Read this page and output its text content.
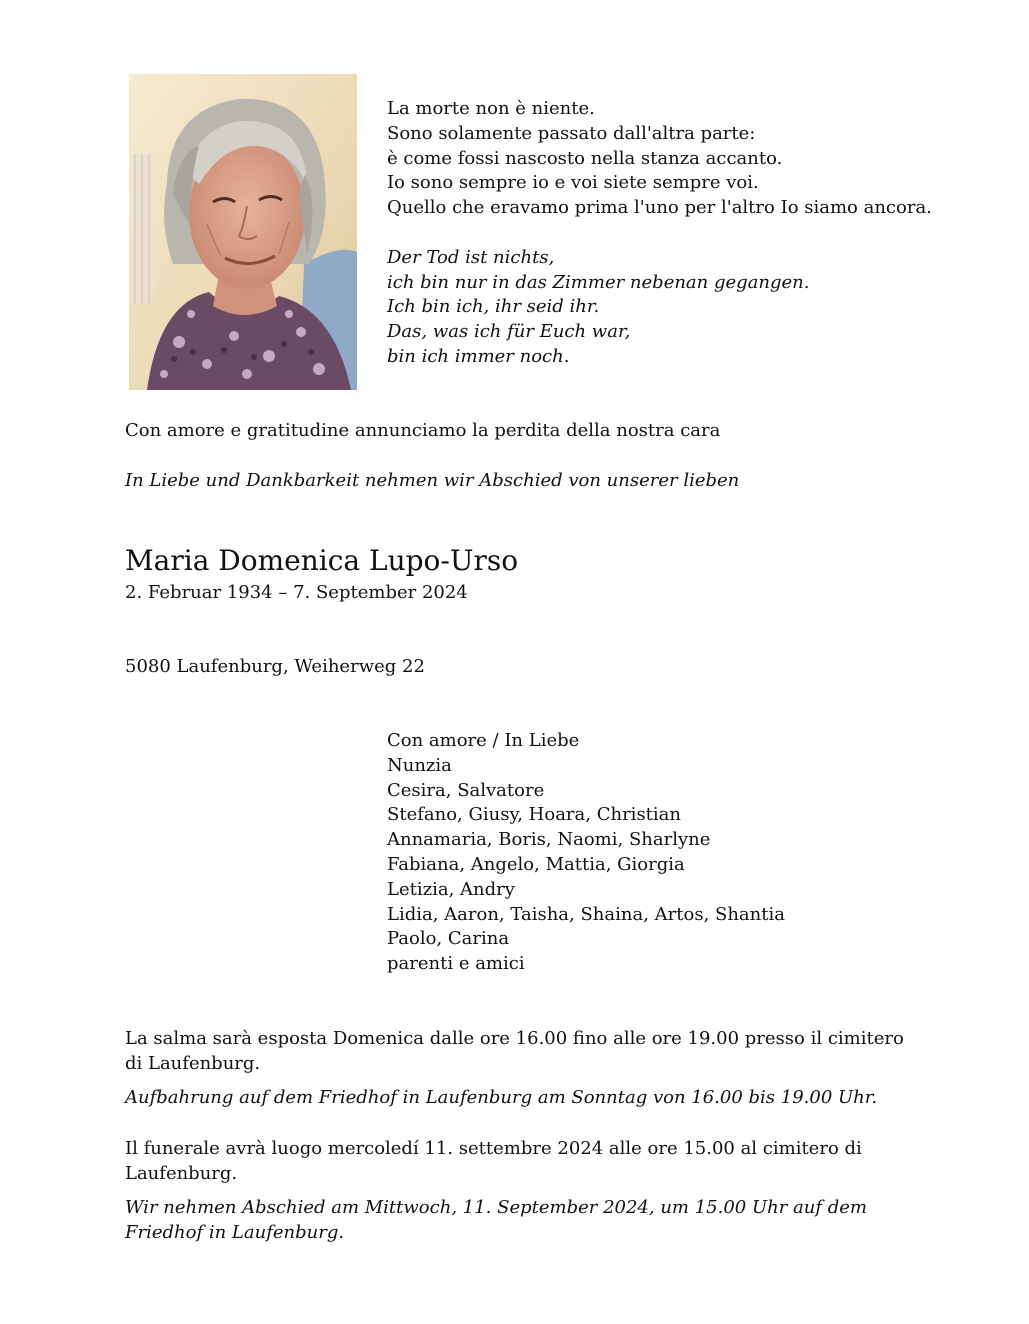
La morte non è niente.
Sono solamente passato dall'altra parte:
è come fossi nascosto nella stanza accanto.
Io sono sempre io e voi siete sempre voi.
Quello che eravamo prima l'uno per l'altro Io siamo ancora.
Der Tod ist nichts,
ich bin nur in das Zimmer nebenan gegangen.
Ich bin ich, ihr seid ihr.
Das, was ich für Euch war,
bin ich immer noch.
Con amore e gratitudine annunciamo la perdita della nostra cara
In Liebe und Dankbarkeit nehmen wir Abschied von unserer lieben
Maria Domenica Lupo-Urso
2. Februar 1934 – 7. September 2024
5080 Laufenburg, Weiherweg 22
Con amore / In Liebe
Nunzia
Cesira, Salvatore
Stefano, Giusy, Hoara, Christian
Annamaria, Boris, Naomi, Sharlyne
Fabiana, Angelo, Mattia, Giorgia
Letizia, Andry
Lidia, Aaron, Taisha, Shaina, Artos, Shantia
Paolo, Carina
parenti e amici
La salma sarà esposta Domenica dalle ore 16.00 fino alle ore 19.00 presso il cimitero di Laufenburg.
Aufbahrung auf dem Friedhof in Laufenburg am Sonntag von 16.00 bis 19.00 Uhr.
Il funerale avrà luogo mercoledí 11. settembre 2024 alle ore 15.00 al cimitero di Laufenburg.
Wir nehmen Abschied am Mittwoch, 11. September 2024, um 15.00 Uhr auf dem Friedhof in Laufenburg.
